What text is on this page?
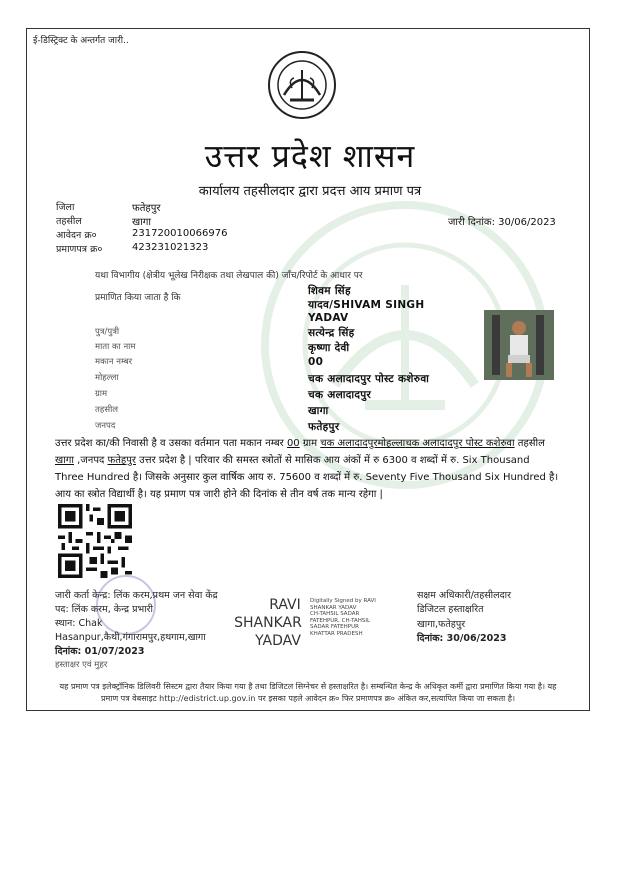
ई-डिस्ट्रिक्ट के अन्तर्गत जारी..
उत्तर प्रदेश शासन
कार्यालय तहसीलदार द्वारा प्रदत्त आय प्रमाण पत्र
जिला	फतेहपुर
तहसील	खागा
आवेदन क्र०	231720010066976
प्रमाणपत्र क्र०	423231021323
जारी दिनांक: 30/06/2023
यथा विभागीय (क्षेत्रीय भूलेख निरीक्षक तथा लेखपाल की) जाँच/रिपोर्ट के आधार पर
प्रमाणित किया जाता है कि
शिवम सिंह
यादव/SHIVAM SINGH
YADAV
पुत्र/पुत्री	सत्येन्द्र सिंह
माता का नाम	कृष्णा देवी
मकान नम्बर	00
मोहल्ला	चक अलादादपुर पोस्ट कशेरुवा
ग्राम	चक अलादादपुर
तहसील	खागा
जनपद	फतेहपुर
उत्तर प्रदेश का/की निवासी है व उसका वर्तमान पता मकान नम्बर 00 ग्राम चक अलादादपुरमोहल्लाचक अलादादपुर पोस्ट कशेरुवा तहसील खागा ,जनपद फतेहपुर उत्तर प्रदेश है | परिवार की समस्त स्त्रोतों से मासिक आय अंकों में रु 6300 व शब्दों में रु. Six Thousand Three Hundred है। जिसके अनुसार कुल वार्षिक आय रु. 75600 व शब्दों में रु. Seventy Five Thousand Six Hundred है। आय का स्त्रोत विद्यार्थी है। यह प्रमाण पत्र जारी होने की दिनांक से तीन वर्ष तक मान्य रहेगा |
जारी कर्ता केन्द्र: लिंक करम,प्रथम जन सेवा केंद्र
पद: लिंक करम, केन्द्र प्रभारी
स्थान: Chak
Hasanpur,कैथी,गंगारामपुर,हथगाम,खागा
दिनांक: 01/07/2023
हस्ताक्षर एवं मुहर
RAVI
SHANKAR
YADAV
Digitally Signed by RAVI
SHANKAR YADAV
CH-TAHSIL SADAR
FATEHPUR, CH-TAHSIL
SADAR FATEHPUR
KHATTAR PRADESH
सक्षम अधिकारी/तहसीलदार
डिजिटल हस्ताक्षरित
खागा,फतेहपुर
दिनांक: 30/06/2023
यह प्रमाण पत्र इलेक्ट्रॉनिक डिलिवरी सिस्टम द्वारा तैयार किया गया है तथा डिजिटल सिग्नेचर से हस्ताक्षरित है। सम्बन्धित केन्द्र के अधिकृत कर्मी द्वारा प्रमाणित किया गया है। यह
प्रमाण पत्र वेबसाइट http://edistrict.up.gov.in पर इसका पहले आवेदन क्र० फिर प्रमाणपत्र क्र० अंकित कर,सत्यापित किया जा सकता है।
